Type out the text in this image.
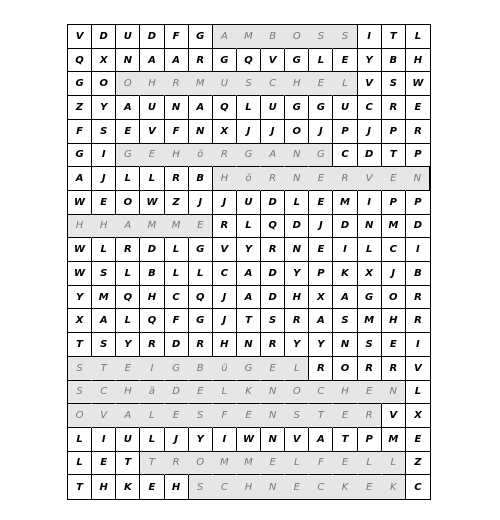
V	D	U	D	F	G	A	M	B	O	S	S	I	T	L
Q	X	N	A	A	R	G	Q	V	G	L	E	Y	B	H
G	O	O	H	R	M	U	S	C	H	E	L	V	S	W
Z	Y	A	U	N	A	Q	L	U	G	G	U	C	R	E
F	S	E	V	F	N	X	J	J	O	J	P	J	P	R
G	I	G	E	H	ö	R	G	A	N	G	C	D	T	P
A	J	L	L	R	B	H	ö	R	N	E	R	V	E	N
W	E	O	W	Z	J	J	U	D	L	E	M	I	P	P
H	H	A	M	M	E	R	L	Q	D	J	D	N	M	D
W	L	R	D	L	G	V	Y	R	N	E	I	L	C	I
W	S	L	B	L	L	C	A	D	Y	P	K	X	J	B
Y	M	Q	H	C	Q	J	A	D	H	X	A	G	O	R
X	A	L	Q	F	G	J	T	S	R	A	S	M	H	R
T	S	Y	R	D	R	H	N	R	Y	Y	N	S	E	I
S	T	E	I	G	B	ü	G	E	L	R	O	R	R	V
S	C	H	ä	D	E	L	K	N	O	C	H	E	N	L
O	V	A	L	E	S	F	E	N	S	T	E	R	V	X
L	I	U	L	J	Y	I	W	N	V	A	T	P	M	E
L	E	T	T	R	O	M	M	E	L	F	E	L	L	Z
T	H	K	E	H	S	C	H	N	E	C	K	E	K	C
